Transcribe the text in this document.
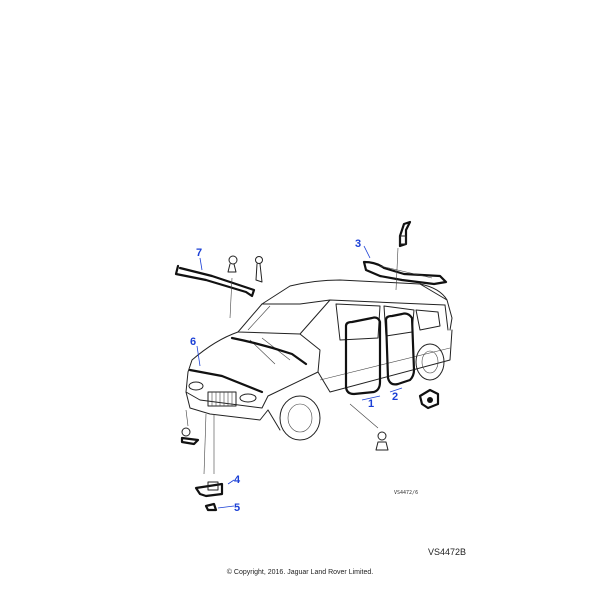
1
2
3
4
5
6
7
VS4472/6
VS4472B
© Copyright, 2016. Jaguar Land Rover Limited.
